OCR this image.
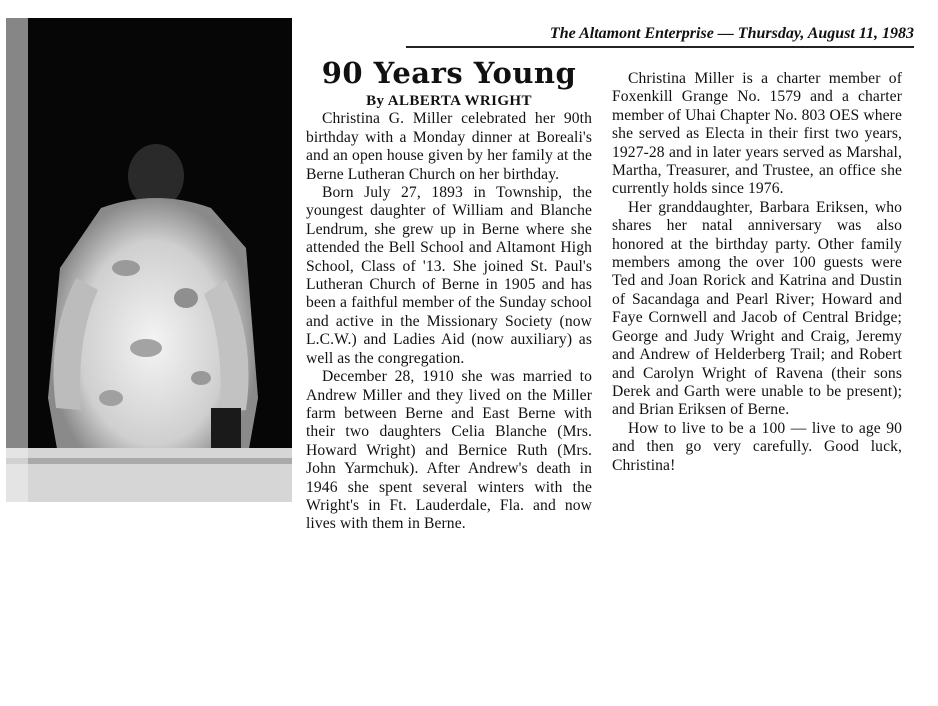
The Altamont Enterprise — Thursday, August 11, 1983
90 Years Young
By ALBERTA WRIGHT

Christina G. Miller celebrated her 90th birthday with a Monday dinner at Boreali's and an open house given by her family at the Berne Lutheran Church on her birthday.

Born July 27, 1893 in Township, the youngest daughter of William and Blanche Lendrum, she grew up in Berne where she attended the Bell School and Altamont High School, Class of '13. She joined St. Paul's Lutheran Church of Berne in 1905 and has been a faithful member of the Sunday school and active in the Missionary Society (now L.C.W.) and Ladies Aid (now auxiliary) as well as the congregation.

December 28, 1910 she was married to Andrew Miller and they lived on the Miller farm between Berne and East Berne with their two daughters Celia Blanche (Mrs. Howard Wright) and Bernice Ruth (Mrs. John Yarmchuk). After Andrew's death in 1946 she spent several winters with the Wright's in Ft. Lauderdale, Fla. and now lives with them in Berne.

Christina Miller is a charter member of Foxenkill Grange No. 1579 and a charter member of Uhai Chapter No. 803 OES where she served as Electa in their first two years, 1927-28 and in later years served as Marshal, Martha, Treasurer, and Trustee, an office she currently holds since 1976.

Her granddaughter, Barbara Eriksen, who shares her natal anniversary was also honored at the birthday party. Other family members among the over 100 guests were Ted and Joan Rorick and Katrina and Dustin of Sacandaga and Pearl River; Howard and Faye Cornwell and Jacob of Central Bridge; George and Judy Wright and Craig, Jeremy and Andrew of Helderberg Trail; and Robert and Carolyn Wright of Ravena (their sons Derek and Garth were unable to be present); and Brian Eriksen of Berne.

How to live to be a 100 — live to age 90 and then go very carefully. Good luck, Christina!
